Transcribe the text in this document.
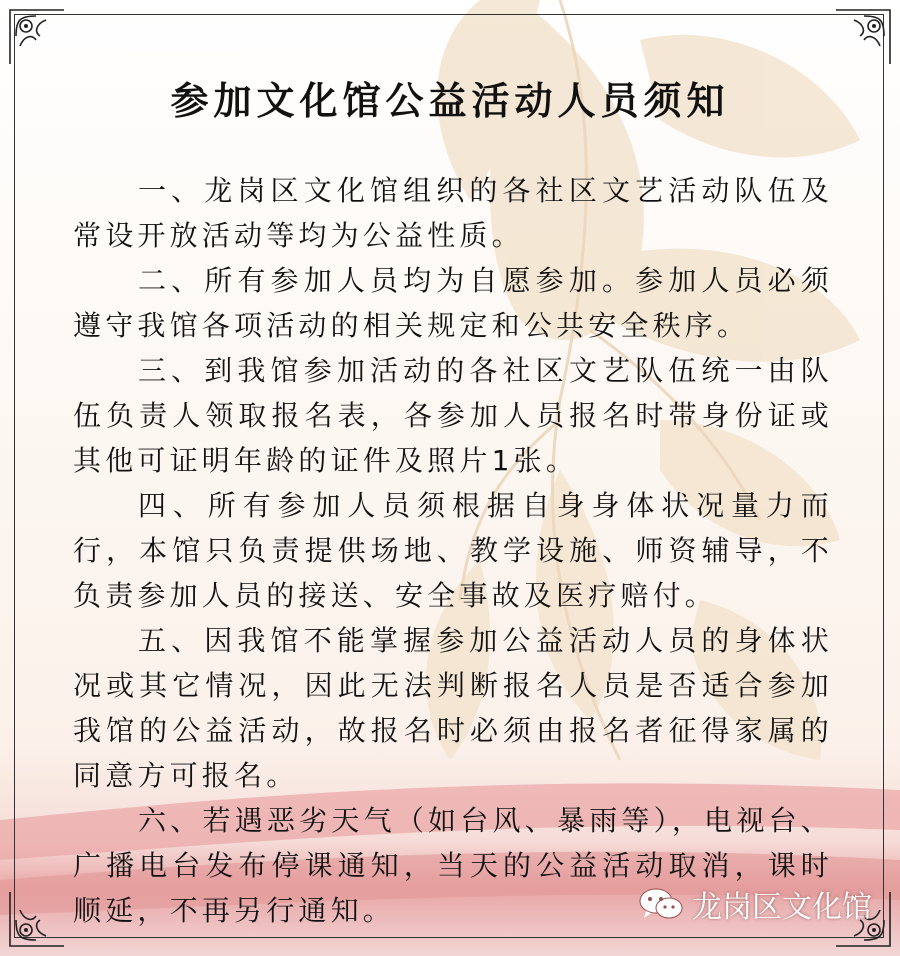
参加文化馆公益活动人员须知

一、龙岗区文化馆组织的各社区文艺活动队伍及常设开放活动等均为公益性质。

二、所有参加人员均为自愿参加。参加人员必须遵守我馆各项活动的相关规定和公共安全秩序。

三、到我馆参加活动的各社区文艺队伍统一由队伍负责人领取报名表，各参加人员报名时带身份证或其他可证明年龄的证件及照片1张。

四、所有参加人员须根据自身身体状况量力而行，本馆只负责提供场地、教学设施、师资辅导，不负责参加人员的接送、安全事故及医疗赔付。

五、因我馆不能掌握参加公益活动人员的身体状况或其它情况，因此无法判断报名人员是否适合参加我馆的公益活动，故报名时必须由报名者征得家属的同意方可报名。

六、若遇恶劣天气（如台风、暴雨等），电视台、广播电台发布停课通知，当天的公益活动取消，课时顺延，不再另行通知。	龙岗区文化馆
